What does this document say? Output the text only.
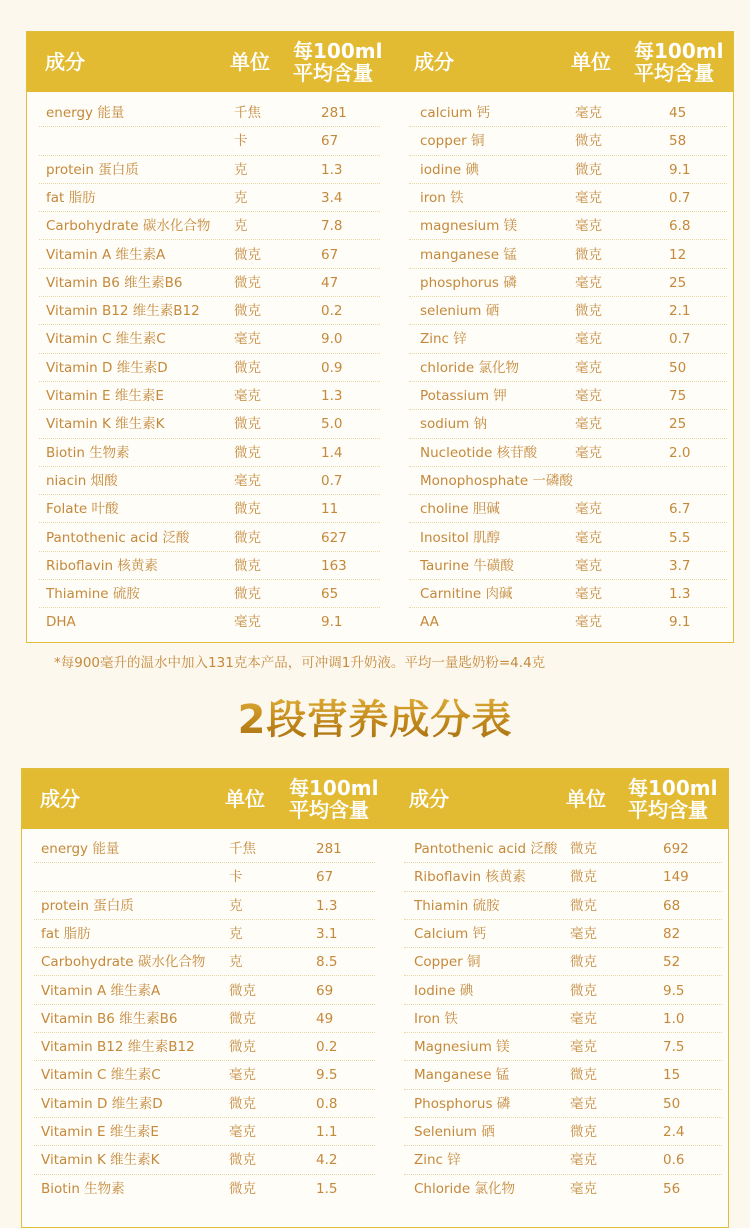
成分	单位 每100ml
平均含量	成分	单位 每100ml
平均含量
energy 能量	千焦	281	calcium 钙	毫克	45
卡	67	copper 铜	微克	58
protein 蛋白质	克	1.3	iodine 碘	微克	9.1
fat 脂肪	克	3.4	iron 铁	毫克	0.7
Carbohydrate 碳水化合物 克	7.8	magnesium 镁	毫克	6.8
Vitamin A 维生素A	微克	67	manganese 锰	微克	12
Vitamin B6 维生素B6	微克	47	phosphorus 磷	毫克	25
Vitamin B12 维生素B12	微克	0.2	selenium 硒	微克	2.1
Vitamin C 维生素C	毫克	9.0	Zinc 锌	毫克	0.7
Vitamin D 维生素D	微克	0.9	chloride 氯化物	毫克	50
Vitamin E 维生素E	毫克	1.3	Potassium 钾	毫克	75
Vitamin K 维生素K	微克	5.0	sodium 钠	毫克	25
Biotin 生物素	微克	1.4	Nucleotide 核苷酸	毫克	2.0
niacin 烟酸	毫克	0.7	Monophosphate 一磷酸
Folate 叶酸	微克	11	choline 胆碱	毫克	6.7
Pantothenic acid 泛酸	微克	627	Inositol 肌醇	毫克	5.5
Riboflavin 核黄素	微克	163	Taurine 牛磺酸	毫克	3.7
Thiamine 硫胺	微克	65	Carnitine 肉碱	毫克	1.3
DHA	毫克	9.1	AA	毫克	9.1
*每900毫升的温水中加入131克本产品，可冲调1升奶液。平均一量匙奶粉=4.4克
2段营养成分表
成分	单位 每100ml
平均含量	成分	单位 每100ml
平均含量
energy 能量	千焦	281	Pantothenic acid 泛酸 微克	692
卡	67	Riboflavin 核黄素	微克	149
protein 蛋白质	克	1.3	Thiamin 硫胺	微克	68
fat 脂肪	克	3.1	Calcium 钙	毫克	82
Carbohydrate 碳水化合物 克	8.5	Copper 铜	微克	52
Vitamin A 维生素A	微克	69	Iodine 碘	微克	9.5
Vitamin B6 维生素B6	微克	49	Iron 铁	毫克	1.0
Vitamin B12 维生素B12	微克	0.2	Magnesium 镁	毫克	7.5
Vitamin C 维生素C	毫克	9.5	Manganese 锰	微克	15
Vitamin D 维生素D	微克	0.8	Phosphorus 磷	毫克	50
Vitamin E 维生素E	毫克	1.1	Selenium 硒	微克	2.4
Vitamin K 维生素K	微克	4.2	Zinc 锌	毫克	0.6
Biotin 生物素	微克	1.5	Chloride 氯化物	毫克	56
